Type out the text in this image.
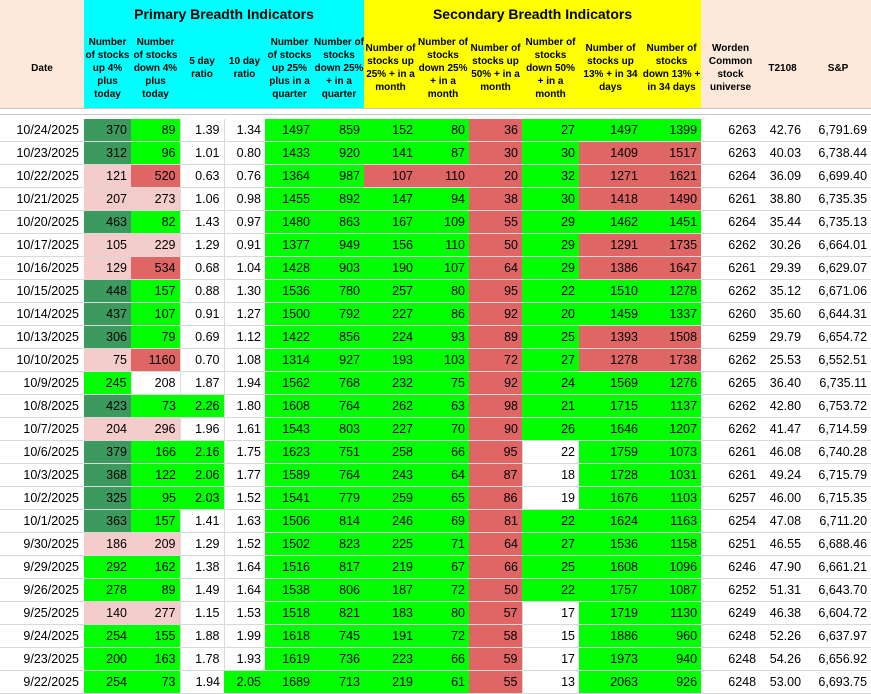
	Primary Breadth Indicators						Secondary Breadth Indicators								
Date	Number of stocks up 4% plus today	Number of stocks down 4% plus today	5 day ratio	10 day ratio	Number of stocks up 25% plus in a quarter	Number of stocks down 25% + in a quarter	Number of stocks up 25% + in a month	Number of stocks down 25% + in a month	Number of stocks up 50% + in a month	Number of stocks down 50% + in a month	Number of stocks up 13% + in 34 days	Number of stocks down 13% + in 34 days	Worden Common stock universe	T2108	S&P

10/24/2025	370	89	1.39	1.34	1497	859	152	80	36	27	1497	1399	6263	42.76	6,791.69
10/23/2025	312	96	1.01	0.80	1433	920	141	87	30	30	1409	1517	6263	40.03	6,738.44
10/22/2025	121	520	0.63	0.76	1364	987	107	110	20	32	1271	1621	6264	36.09	6,699.40
10/21/2025	207	273	1.06	0.98	1455	892	147	94	38	30	1418	1490	6261	38.80	6,735.35
10/20/2025	463	82	1.43	0.97	1480	863	167	109	55	29	1462	1451	6264	35.44	6,735.13
10/17/2025	105	229	1.29	0.91	1377	949	156	110	50	29	1291	1735	6262	30.26	6,664.01
10/16/2025	129	534	0.68	1.04	1428	903	190	107	64	29	1386	1647	6261	29.39	6,629.07
10/15/2025	448	157	0.88	1.30	1536	780	257	80	95	22	1510	1278	6262	35.12	6,671.06
10/14/2025	437	107	0.91	1.27	1500	792	227	86	92	20	1459	1337	6260	35.60	6,644.31
10/13/2025	306	79	0.69	1.12	1422	856	224	93	89	25	1393	1508	6259	29.79	6,654.72
10/10/2025	75	1160	0.70	1.08	1314	927	193	103	72	27	1278	1738	6262	25.53	6,552.51
10/9/2025	245	208	1.87	1.94	1562	768	232	75	92	24	1569	1276	6265	36.40	6,735.11
10/8/2025	423	73	2.26	1.80	1608	764	262	63	98	21	1715	1137	6262	42.80	6,753.72
10/7/2025	204	296	1.96	1.61	1543	803	227	70	90	26	1646	1207	6262	41.47	6,714.59
10/6/2025	379	166	2.16	1.75	1623	751	258	66	95	22	1759	1073	6261	46.08	6,740.28
10/3/2025	368	122	2.06	1.77	1589	764	243	64	87	18	1728	1031	6261	49.24	6,715.79
10/2/2025	325	95	2.03	1.52	1541	779	259	65	86	19	1676	1103	6257	46.00	6,715.35
10/1/2025	363	157	1.41	1.63	1506	814	246	69	81	22	1624	1163	6254	47.08	6,711.20
9/30/2025	186	209	1.29	1.52	1502	823	225	71	64	27	1536	1158	6251	46.55	6,688.46
9/29/2025	292	162	1.38	1.64	1516	817	219	67	66	25	1608	1096	6246	47.90	6,661.21
9/26/2025	278	89	1.49	1.64	1538	806	187	72	50	22	1757	1087	6252	51.31	6,643.70
9/25/2025	140	277	1.15	1.53	1518	821	183	80	57	17	1719	1130	6249	46.38	6,604.72
9/24/2025	254	155	1.88	1.99	1618	745	191	72	58	15	1886	960	6248	52.26	6,637.97
9/23/2025	200	163	1.78	1.93	1619	736	223	66	59	17	1973	940	6248	54.26	6,656.92
9/22/2025	254	73	1.94	2.05	1689	713	219	61	55	13	2063	926	6248	53.00	6,693.75
